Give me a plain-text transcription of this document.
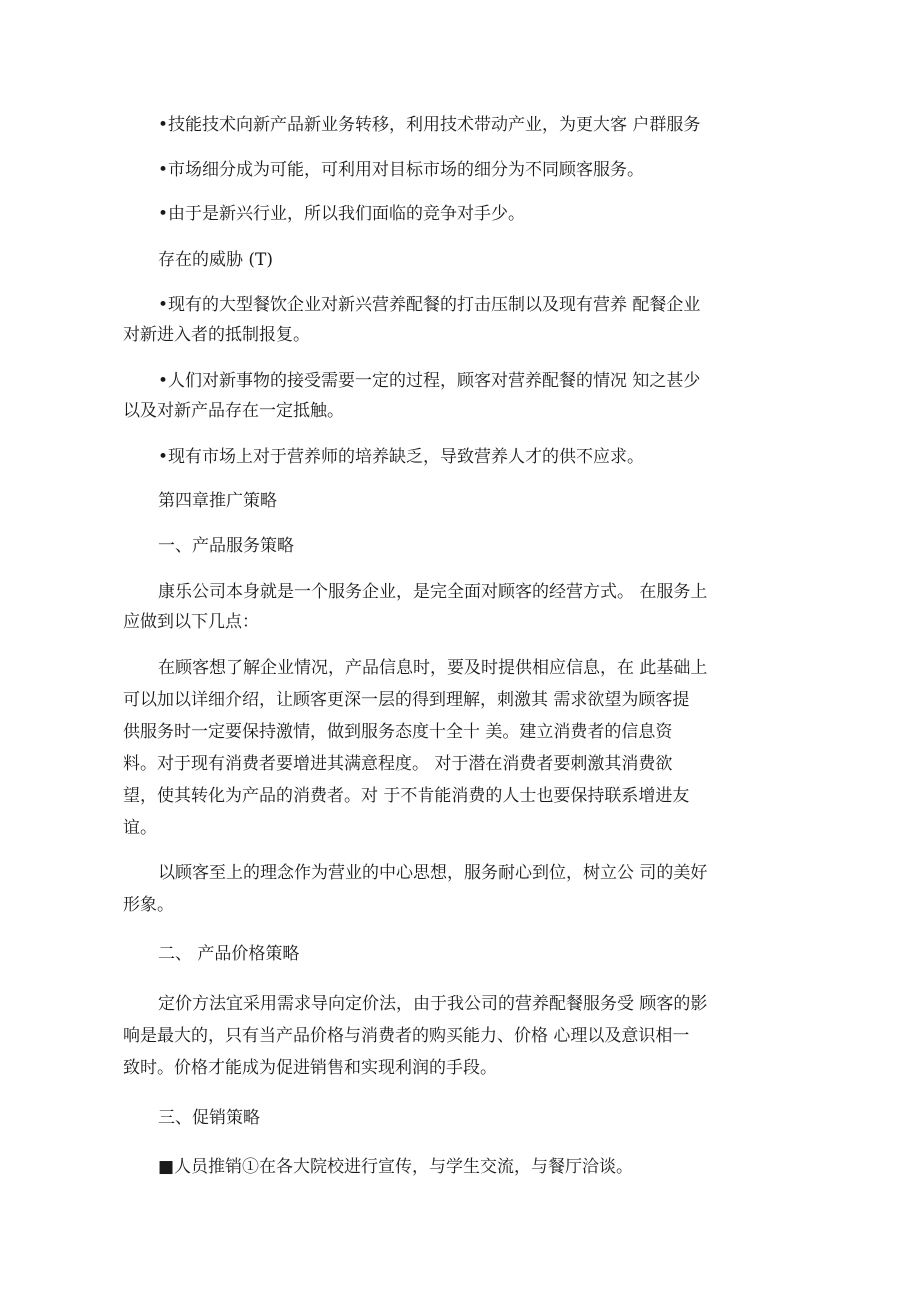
•技能技术向新产品新业务转移，利用技术带动产业，为更大客 户群服务
•市场细分成为可能，可利用对目标市场的细分为不同顾客服务。
•由于是新兴行业，所以我们面临的竞争对手少。
存在的威胁 (T)
•现有的大型餐饮企业对新兴营养配餐的打击压制以及现有营养 配餐企业
对新进入者的抵制报复。
•人们对新事物的接受需要一定的过程，顾客对营养配餐的情况 知之甚少
以及对新产品存在一定抵触。
•现有市场上对于营养师的培养缺乏，导致营养人才的供不应求。
第四章推广策略
一、产品服务策略
康乐公司本身就是一个服务企业，是完全面对顾客的经营方式。 在服务上
应做到以下几点：
在顾客想了解企业情况，产品信息时，要及时提供相应信息，在 此基础上
可以加以详细介绍，让顾客更深一层的得到理解，刺激其 需求欲望为顾客提
供服务时一定要保持激情，做到服务态度十全十 美。建立消费者的信息资
料。对于现有消费者要增进其满意程度。 对于潜在消费者要刺激其消费欲
望，使其转化为产品的消费者。对 于不肯能消费的人士也要保持联系增进友
谊。
以顾客至上的理念作为营业的中心思想，服务耐心到位，树立公 司的美好
形象。
二、 产品价格策略
定价方法宜采用需求导向定价法，由于我公司的营养配餐服务受 顾客的影
响是最大的，只有当产品价格与消费者的购买能力、价格 心理以及意识相一
致时。价格才能成为促进销售和实现利润的手段。
三、促销策略
■人员推销①在各大院校进行宣传，与学生交流，与餐厅洽谈。
